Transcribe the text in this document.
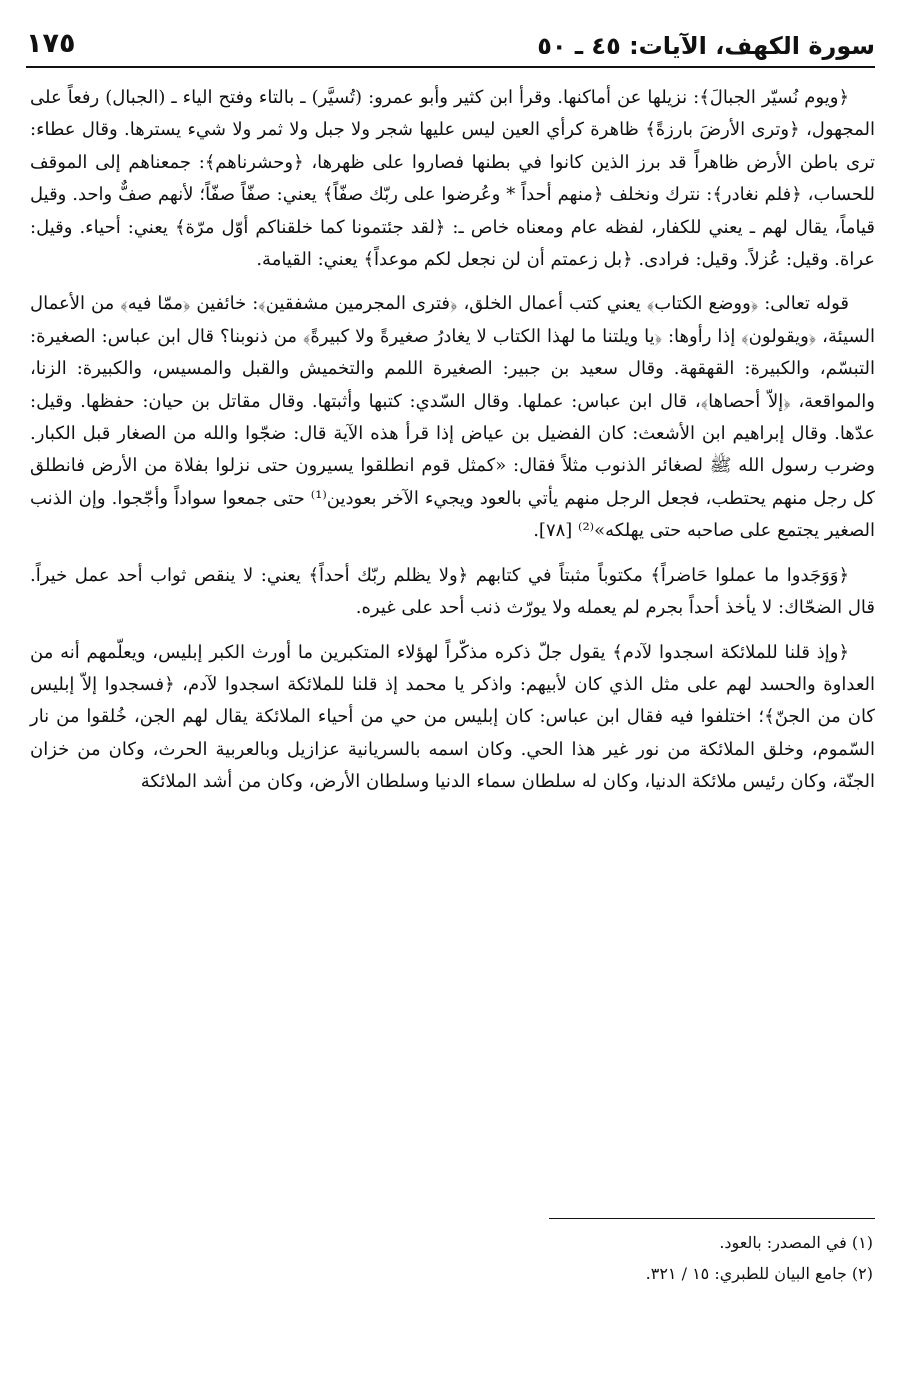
سورة الكهف، الآيات: ٤٥ ـ ٥٠
١٧٥

﴿ويوم نُسيّر الجبالَ﴾: نزيلها عن أماكنها. وقرأ ابن كثير وأبو عمرو: (تُسيَّر) ـ بالتاء وفتح الياء ـ (الجبال) رفعاً على المجهول، ﴿وترى الأرضَ بارزةً﴾ ظاهرة كرأي العين ليس عليها شجر ولا جبل ولا ثمر ولا شيء يسترها. وقال عطاء: ترى باطن الأرض ظاهراً قد برز الذين كانوا في بطنها فصاروا على ظهرها، ﴿وحشرناهم﴾: جمعناهم إلى الموقف للحساب، ﴿فلم نغادر﴾: نترك ونخلف ﴿منهم أحداً * وعُرضوا على ربّك صفّاً﴾ يعني: صفّاً صفّاً؛ لأنهم صفٌّ واحد. وقيل قياماً، يقال لهم ـ يعني للكفار، لفظه عام ومعناه خاص ـ: ﴿لقد جئتمونا كما خلقناكم أوّل مرّة﴾ يعني: أحياء. وقيل: عراة. وقيل: عُزلاً. وقيل: فرادى. ﴿بل زعمتم أن لن نجعل لكم موعداً﴾ يعني: القيامة.

قوله تعالى: ﴿ووضع الكتاب﴾ يعني كتب أعمال الخلق، ﴿فترى المجرمين مشفقين﴾: خائفين ﴿ممّا فيه﴾ من الأعمال السيئة، ﴿ويقولون﴾ إذا رأوها: ﴿يا ويلتنا ما لهذا الكتاب لا يغادرُ صغيرةً ولا كبيرةً﴾ من ذنوبنا؟ قال ابن عباس: الصغيرة: التبسّم، والكبيرة: القهقهة. وقال سعيد بن جبير: الصغيرة اللمم والتخميش والقبل والمسيس، والكبيرة: الزنا، والمواقعة، ﴿إلاّ أحصاها﴾، قال ابن عباس: عملها. وقال السّدي: كتبها وأثبتها. وقال مقاتل بن حيان: حفظها. وقيل: عدّها. وقال إبراهيم ابن الأشعث: كان الفضيل بن عياض إذا قرأ هذه الآية قال: ضجّوا والله من الصغار قبل الكبار. وضرب رسول الله ﷺ لصغائر الذنوب مثلاً فقال: «كمثل قوم انطلقوا يسيرون حتى نزلوا بفلاة من الأرض فانطلق كل رجل منهم يحتطب، فجعل الرجل منهم يأتي بالعود ويجيء الآخر بعودين⁽¹⁾ حتى جمعوا سواداً وأجّجوا. وإن الذنب الصغير يجتمع على صاحبه حتى يهلكه»⁽²⁾ [٧٨].

﴿وَوَجَدوا ما عملوا حَاضراً﴾ مكتوباً مثبتاً في كتابهم ﴿ولا يظلم ربّك أحداً﴾ يعني: لا ينقص ثواب أحد عمل خيراً. قال الضحّاك: لا يأخذ أحداً بجرم لم يعمله ولا يورّث ذنب أحد على غيره.

﴿وإذ قلنا للملائكة اسجدوا لآدم﴾ يقول جلّ ذكره مذكّراً لهؤلاء المتكبرين ما أورث الكبر إبليس، ويعلّمهم أنه من العداوة والحسد لهم على مثل الذي كان لأبيهم: واذكر يا محمد إذ قلنا للملائكة اسجدوا لآدم، ﴿فسجدوا إلاّ إبليس كان من الجنّ﴾؛ اختلفوا فيه فقال ابن عباس: كان إبليس من حي من أحياء الملائكة يقال لهم الجن، خُلقوا من نار السّموم، وخلق الملائكة من نور غير هذا الحي. وكان اسمه بالسريانية عزازيل وبالعربية الحرث، وكان من خزان الجنّة، وكان رئيس ملائكة الدنيا، وكان له سلطان سماء الدنيا وسلطان الأرض، وكان من أشد الملائكة

(١) في المصدر: بالعود.
(٢) جامع البيان للطبري: ١٥ / ٣٢١.
